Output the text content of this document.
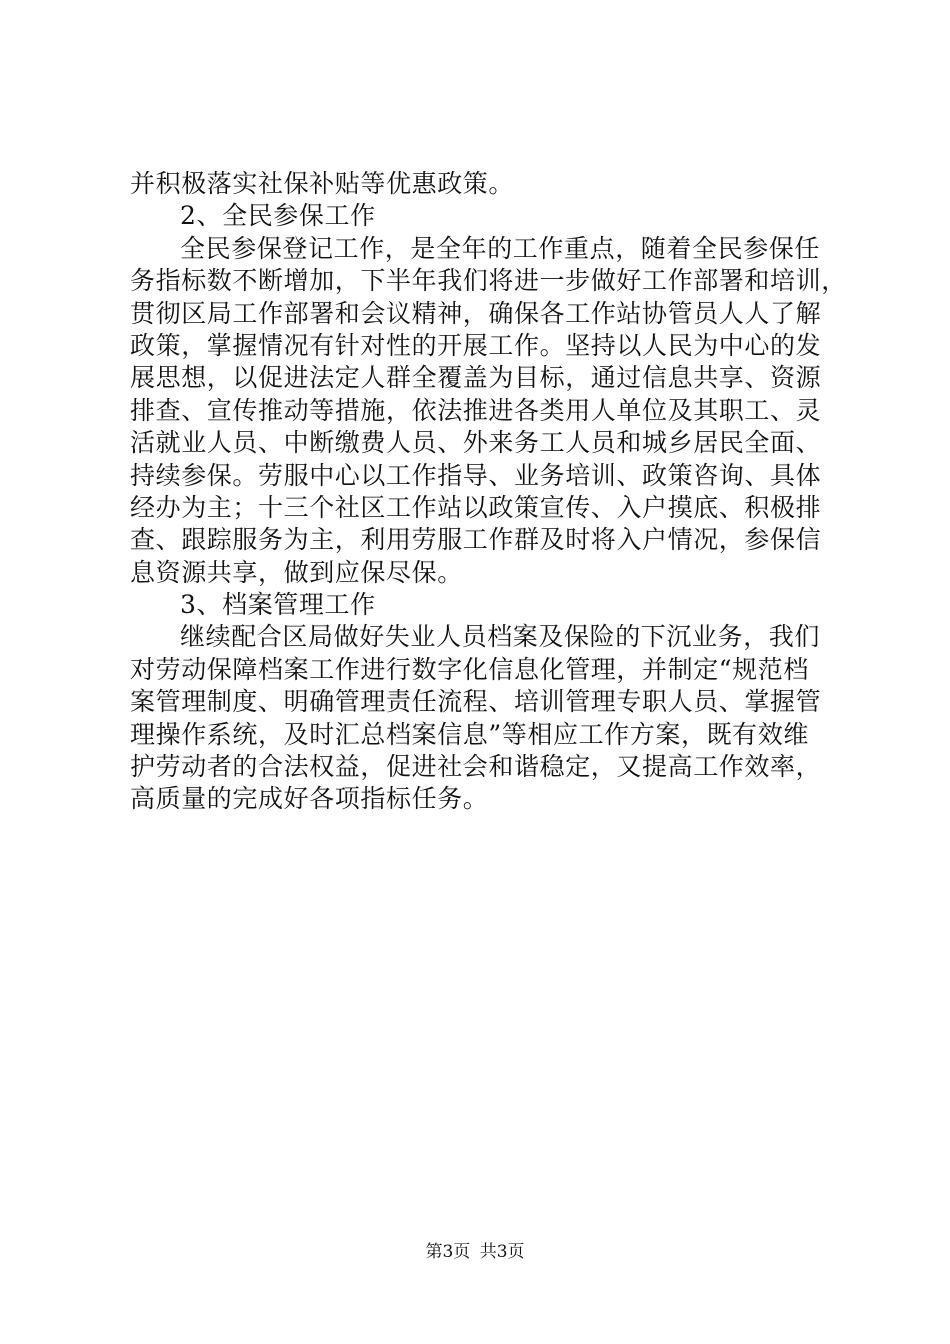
并积极落实社保补贴等优惠政策。
2、全民参保工作
全民参保登记工作，是全年的工作重点，随着全民参保任
务指标数不断增加，下半年我们将进一步做好工作部署和培训，
贯彻区局工作部署和会议精神，确保各工作站协管员人人了解
政策，掌握情况有针对性的开展工作。坚持以人民为中心的发
展思想，以促进法定人群全覆盖为目标，通过信息共享、资源
排查、宣传推动等措施，依法推进各类用人单位及其职工、灵
活就业人员、中断缴费人员、外来务工人员和城乡居民全面、
持续参保。劳服中心以工作指导、业务培训、政策咨询、具体
经办为主；十三个社区工作站以政策宣传、入户摸底、积极排
查、跟踪服务为主，利用劳服工作群及时将入户情况，参保信
息资源共享，做到应保尽保。
3、档案管理工作
继续配合区局做好失业人员档案及保险的下沉业务，我们
对劳动保障档案工作进行数字化信息化管理，并制定“规范档
案管理制度、明确管理责任流程、培训管理专职人员、掌握管
理操作系统，及时汇总档案信息”等相应工作方案，既有效维
护劳动者的合法权益，促进社会和谐稳定，又提高工作效率，
高质量的完成好各项指标任务。
第3页 共3页
